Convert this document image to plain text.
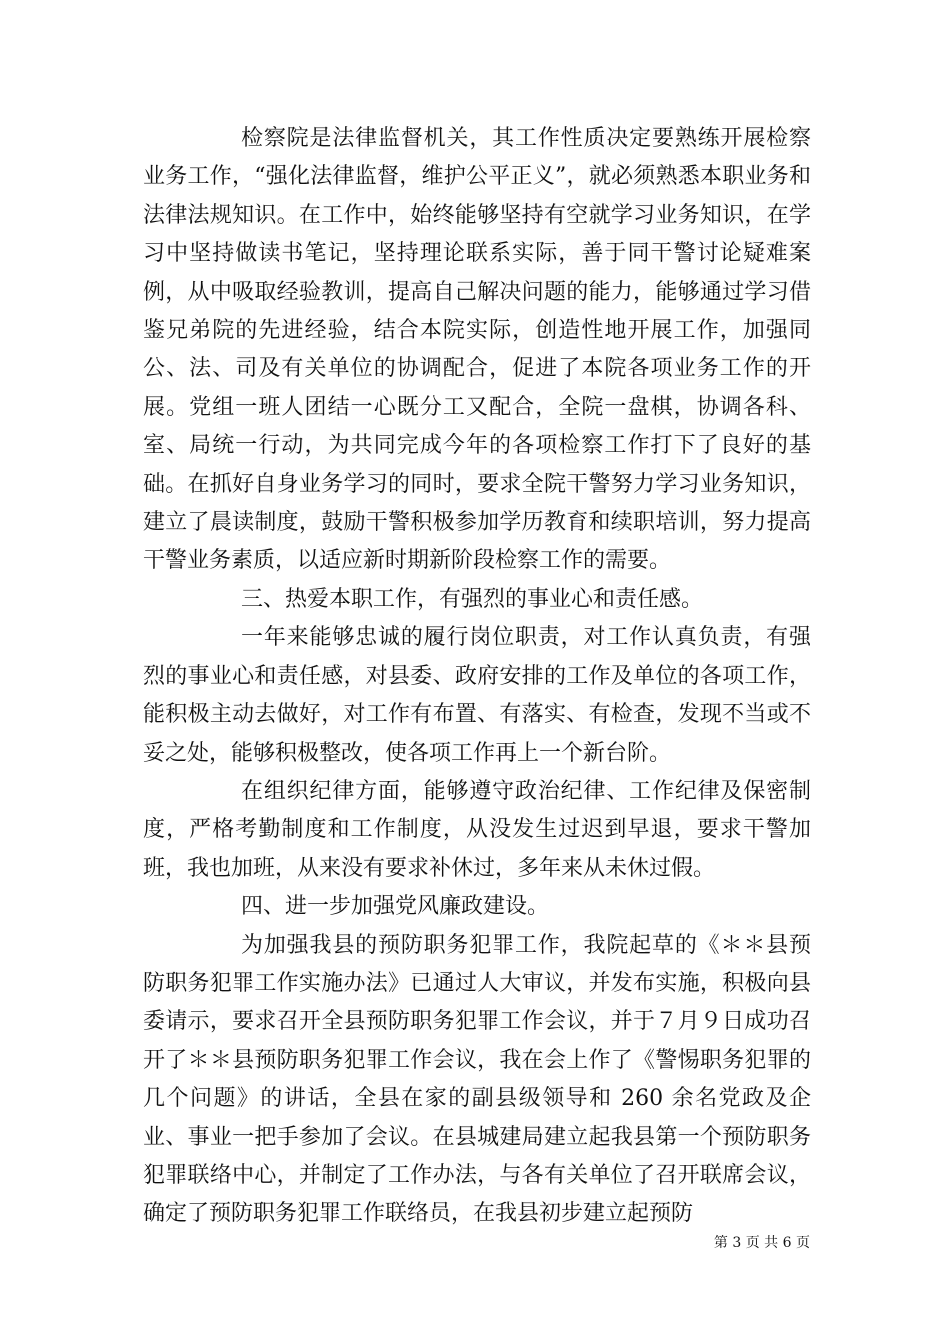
检察院是法律监督机关，其工作性质决定要熟练开展检察业务工作，“强化法律监督，维护公平正义”，就必须熟悉本职业务和法律法规知识。在工作中，始终能够坚持有空就学习业务知识，在学习中坚持做读书笔记，坚持理论联系实际，善于同干警讨论疑难案例，从中吸取经验教训，提高自己解决问题的能力，能够通过学习借鉴兄弟院的先进经验，结合本院实际，创造性地开展工作，加强同公、法、司及有关单位的协调配合，促进了本院各项业务工作的开展。党组一班人团结一心既分工又配合，全院一盘棋，协调各科、室、局统一行动，为共同完成今年的各项检察工作打下了良好的基础。在抓好自身业务学习的同时，要求全院干警努力学习业务知识，建立了晨读制度，鼓励干警积极参加学历教育和续职培训，努力提高干警业务素质，以适应新时期新阶段检察工作的需要。

三、热爱本职工作，有强烈的事业心和责任感。

一年来能够忠诚的履行岗位职责，对工作认真负责，有强烈的事业心和责任感，对县委、政府安排的工作及单位的各项工作，能积极主动去做好，对工作有布置、有落实、有检查，发现不当或不妥之处，能够积极整改，使各项工作再上一个新台阶。

在组织纪律方面，能够遵守政治纪律、工作纪律及保密制度，严格考勤制度和工作制度，从没发生过迟到早退，要求干警加班，我也加班，从来没有要求补休过，多年来从未休过假。

四、进一步加强党风廉政建设。

为加强我县的预防职务犯罪工作，我院起草的《＊＊县预防职务犯罪工作实施办法》已通过人大审议，并发布实施，积极向县委请示，要求召开全县预防职务犯罪工作会议，并于７月９日成功召开了＊＊县预防职务犯罪工作会议，我在会上作了《警惕职务犯罪的几个问题》的讲话，全县在家的副县级领导和 260 余名党政及企业、事业一把手参加了会议。在县城建局建立起我县第一个预防职务犯罪联络中心，并制定了工作办法，与各有关单位了召开联席会议，确定了预防职务犯罪工作联络员，在我县初步建立起预防

第 3 页 共 6 页
